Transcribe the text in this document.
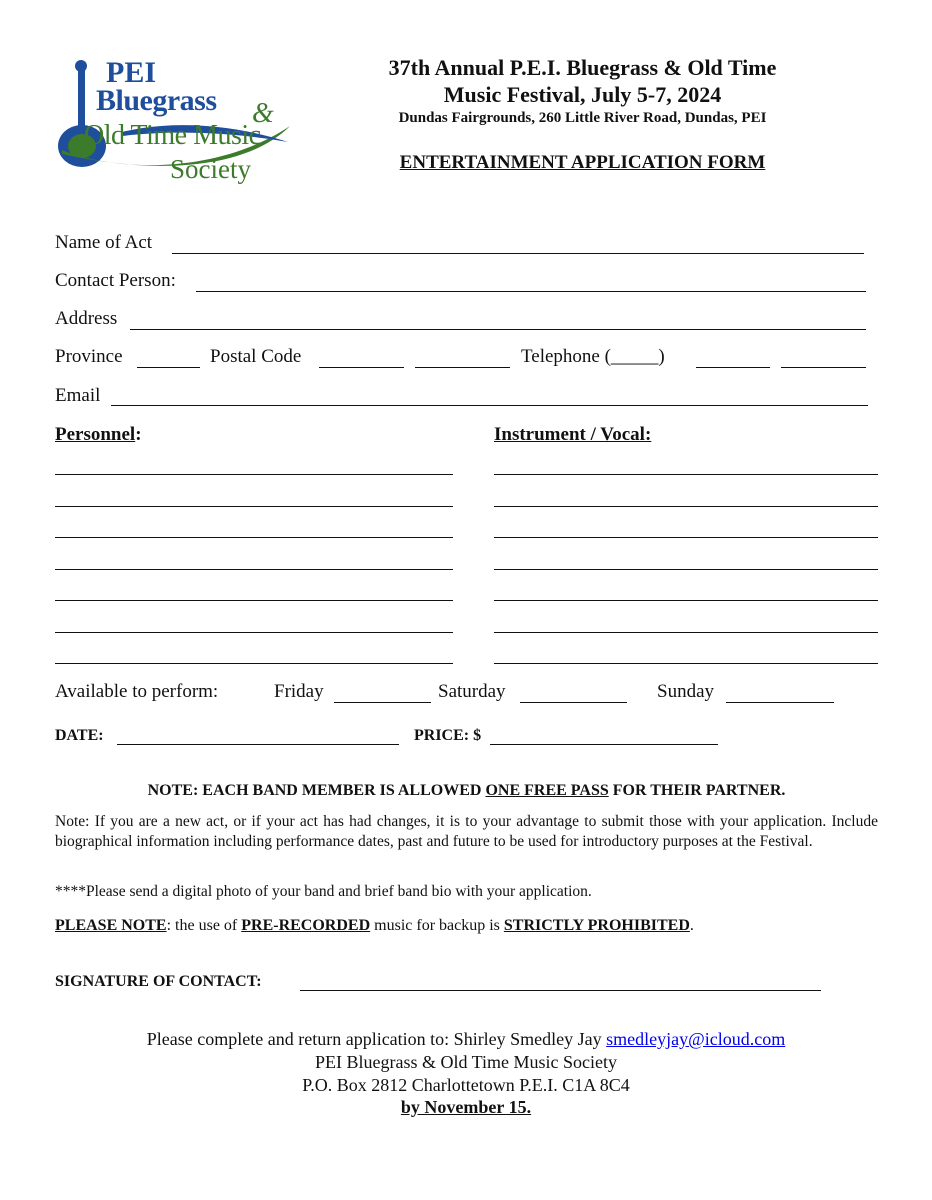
PEI
Bluegrass &
Old Time Music
Society
37th Annual P.E.I. Bluegrass & Old Time
Music Festival, July 5-7, 2024
Dundas Fairgrounds, 260 Little River Road, Dundas, PEI
ENTERTAINMENT APPLICATION FORM
Name of Act
Contact Person:
Address
Province	Postal Code	Telephone (_____)
Email
Personnel:	Instrument / Vocal:
Available to perform:	Friday	Saturday	Sunday
DATE:	PRICE: $
NOTE: EACH BAND MEMBER IS ALLOWED ONE FREE PASS FOR THEIR PARTNER.
Note: If you are a new act, or if your act has had changes, it is to your advantage to submit those with your application. Include biographical information including performance dates, past and future to be used for introductory purposes at the Festival.
****Please send a digital photo of your band and brief band bio with your application.
PLEASE NOTE: the use of PRE-RECORDED music for backup is STRICTLY PROHIBITED.
SIGNATURE OF CONTACT:
Please complete and return application to: Shirley Smedley Jay smedleyjay@icloud.com
PEI Bluegrass & Old Time Music Society
P.O. Box 2812 Charlottetown P.E.I. C1A 8C4
by November 15.
